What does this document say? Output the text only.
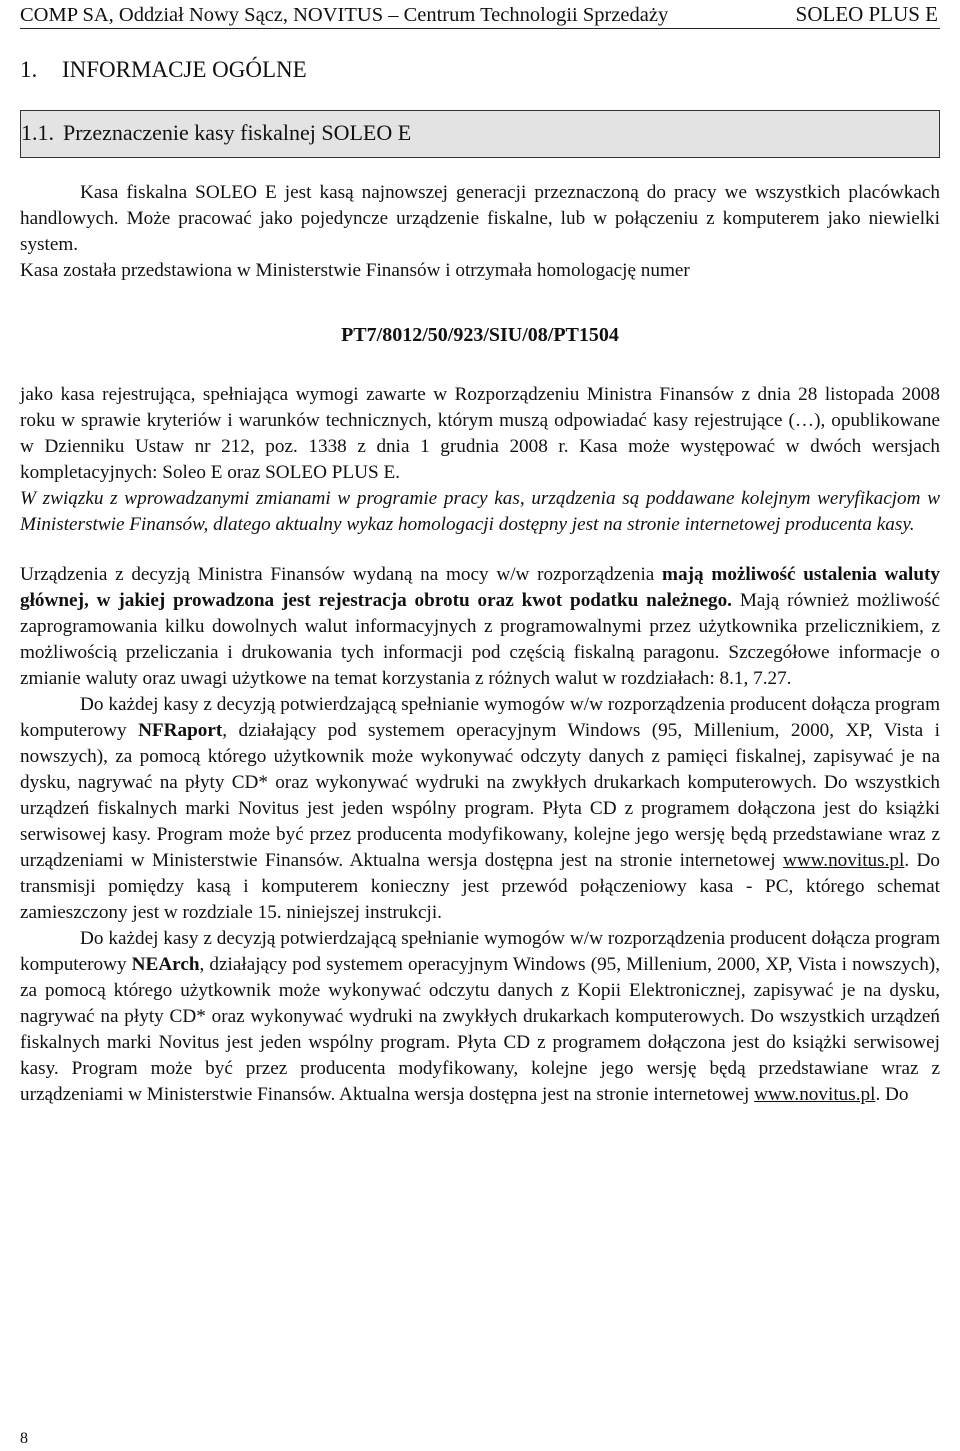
COMP SA, Oddział Nowy Sącz, NOVITUS – Centrum Technologii Sprzedaży	SOLEO PLUS E
1. INFORMACJE OGÓLNE
1.1. Przeznaczenie kasy fiskalnej SOLEO E

Kasa fiskalna SOLEO E jest kasą najnowszej generacji przeznaczoną do pracy we wszystkich placówkach handlowych. Może pracować jako pojedyncze urządzenie fiskalne, lub w połączeniu z komputerem jako niewielki system.

Kasa została przedstawiona w Ministerstwie Finansów i otrzymała homologację numer

PT7/8012/50/923/SIU/08/PT1504

jako kasa rejestrująca, spełniająca wymogi zawarte w Rozporządzeniu Ministra Finansów z dnia 28 listopada 2008 roku w sprawie kryteriów i warunków technicznych, którym muszą odpowiadać kasy rejestrujące (…), opublikowane w Dzienniku Ustaw nr 212, poz. 1338 z dnia 1 grudnia 2008 r. Kasa może występować w dwóch wersjach kompletacyjnych: Soleo E oraz SOLEO PLUS E.

W związku z wprowadzanymi zmianami w programie pracy kas, urządzenia są poddawane kolejnym weryfikacjom w Ministerstwie Finansów, dlatego aktualny wykaz homologacji dostępny jest na stronie internetowej producenta kasy.

Urządzenia z decyzją Ministra Finansów wydaną na mocy w/w rozporządzenia mają możliwość ustalenia waluty głównej, w jakiej prowadzona jest rejestracja obrotu oraz kwot podatku należnego. Mają również możliwość zaprogramowania kilku dowolnych walut informacyjnych z programowalnymi przez użytkownika przelicznikiem, z możliwością przeliczania i drukowania tych informacji pod częścią fiskalną paragonu. Szczegółowe informacje o zmianie waluty oraz uwagi użytkowe na temat korzystania z różnych walut w rozdziałach: 8.1, 7.27.

Do każdej kasy z decyzją potwierdzającą spełnianie wymogów w/w rozporządzenia producent dołącza program komputerowy NFRaport, działający pod systemem operacyjnym Windows (95, Millenium, 2000, XP, Vista i nowszych), za pomocą którego użytkownik może wykonywać odczyty danych z pamięci fiskalnej, zapisywać je na dysku, nagrywać na płyty CD* oraz wykonywać wydruki na zwykłych drukarkach komputerowych. Do wszystkich urządzeń fiskalnych marki Novitus jest jeden wspólny program. Płyta CD z programem dołączona jest do książki serwisowej kasy. Program może być przez producenta modyfikowany, kolejne jego wersję będą przedstawiane wraz z urządzeniami w Ministerstwie Finansów. Aktualna wersja dostępna jest na stronie internetowej www.novitus.pl. Do transmisji pomiędzy kasą i komputerem konieczny jest przewód połączeniowy kasa - PC, którego schemat zamieszczony jest w rozdziale 15. niniejszej instrukcji.

Do każdej kasy z decyzją potwierdzającą spełnianie wymogów w/w rozporządzenia producent dołącza program komputerowy NEArch, działający pod systemem operacyjnym Windows (95, Millenium, 2000, XP, Vista i nowszych), za pomocą którego użytkownik może wykonywać odczytu danych z Kopii Elektronicznej, zapisywać je na dysku, nagrywać na płyty CD* oraz wykonywać wydruki na zwykłych drukarkach komputerowych. Do wszystkich urządzeń fiskalnych marki Novitus jest jeden wspólny program. Płyta CD z programem dołączona jest do książki serwisowej kasy. Program może być przez producenta modyfikowany, kolejne jego wersję będą przedstawiane wraz z urządzeniami w Ministerstwie Finansów. Aktualna wersja dostępna jest na stronie internetowej www.novitus.pl. Do

8
